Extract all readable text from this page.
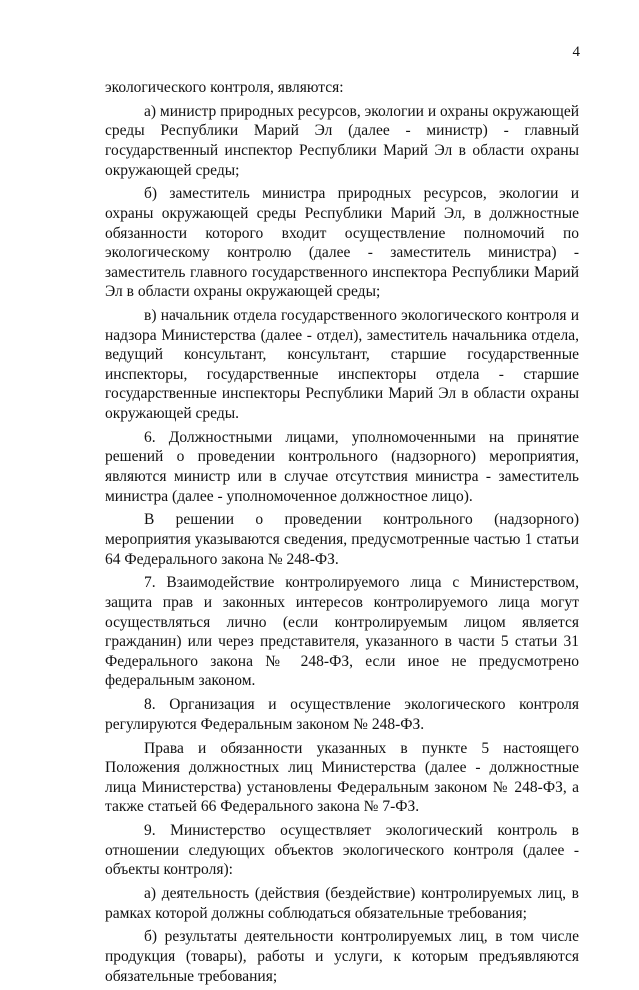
4

экологического контроля, являются:

а) министр природных ресурсов, экологии и охраны окружающей среды Республики Марий Эл (далее - министр) - главный государственный инспектор Республики Марий Эл в области охраны окружающей среды;

б) заместитель министра природных ресурсов, экологии и охраны окружающей среды Республики Марий Эл, в должностные обязанности которого входит осуществление полномочий по экологическому контролю (далее - заместитель министра) - заместитель главного государственного инспектора Республики Марий Эл в области охраны окружающей среды;

в) начальник отдела государственного экологического контроля и надзора Министерства (далее - отдел), заместитель начальника отдела, ведущий консультант, консультант, старшие государственные инспекторы, государственные инспекторы отдела - старшие государственные инспекторы Республики Марий Эл в области охраны окружающей среды.

6. Должностными лицами, уполномоченными на принятие решений о проведении контрольного (надзорного) мероприятия, являются министр или в случае отсутствия министра - заместитель министра (далее - уполномоченное должностное лицо).

В решении о проведении контрольного (надзорного) мероприятия указываются сведения, предусмотренные частью 1 статьи 64 Федерального закона № 248-ФЗ.

7. Взаимодействие контролируемого лица с Министерством, защита прав и законных интересов контролируемого лица могут осуществляться лично (если контролируемым лицом является гражданин) или через представителя, указанного в части 5 статьи 31 Федерального закона № 248-ФЗ, если иное не предусмотрено федеральным законом.

8. Организация и осуществление экологического контроля регулируются Федеральным законом № 248-ФЗ.

Права и обязанности указанных в пункте 5 настоящего Положения должностных лиц Министерства (далее - должностные лица Министерства) установлены Федеральным законом № 248-ФЗ, а также статьей 66 Федерального закона № 7-ФЗ.

9. Министерство осуществляет экологический контроль в отношении следующих объектов экологического контроля (далее - объекты контроля):

а) деятельность (действия (бездействие) контролируемых лиц, в рамках которой должны соблюдаться обязательные требования;

б) результаты деятельности контролируемых лиц, в том числе продукция (товары), работы и услуги, к которым предъявляются обязательные требования;
